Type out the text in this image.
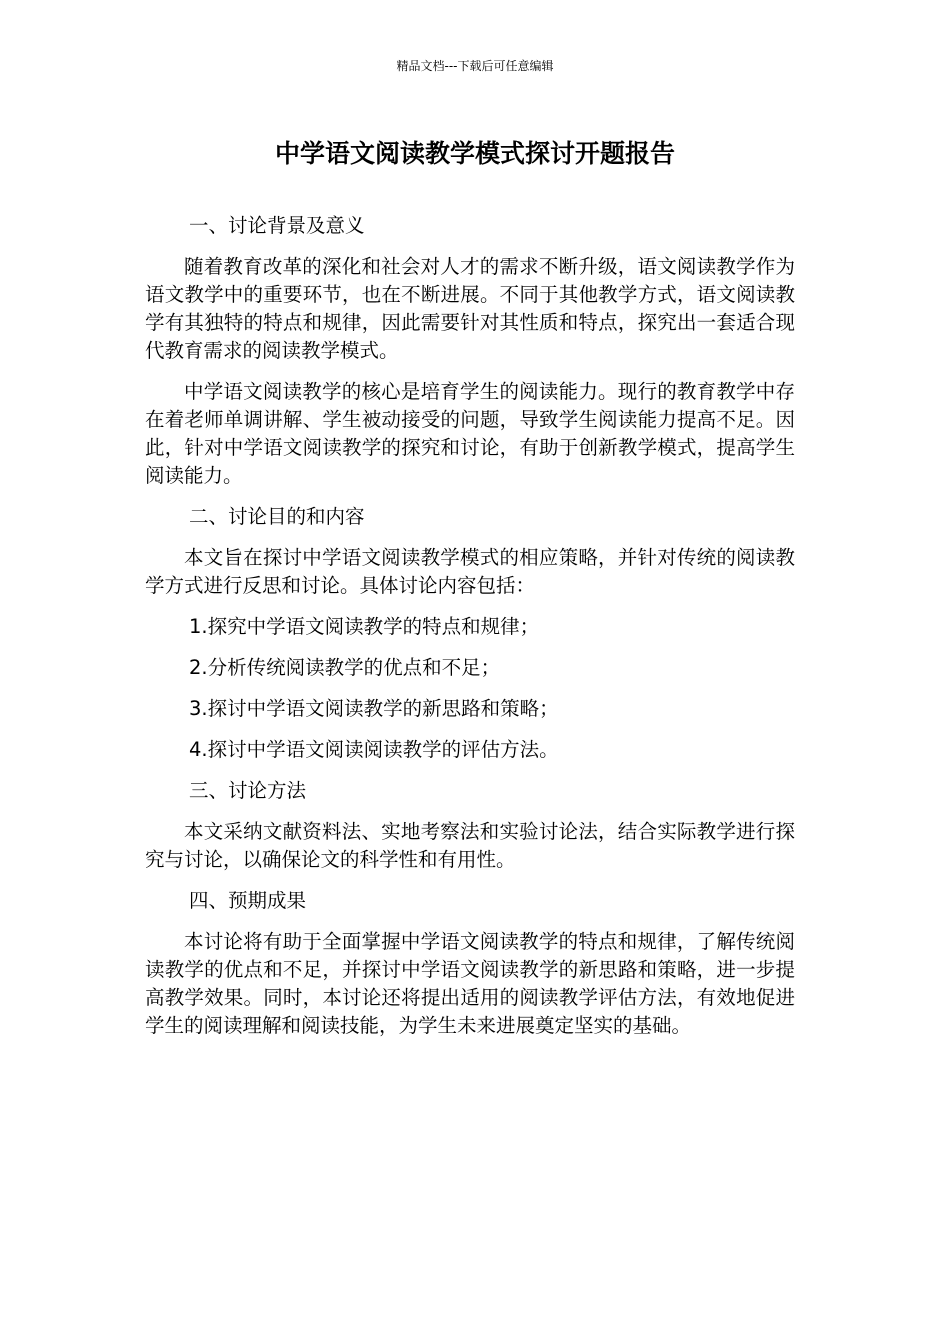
精品文档---下载后可任意编辑
中学语文阅读教学模式探讨开题报告

一、讨论背景及意义

随着教育改革的深化和社会对人才的需求不断升级，语文阅读教学作为语文教学中的重要环节，也在不断进展。不同于其他教学方式，语文阅读教学有其独特的特点和规律，因此需要针对其性质和特点，探究出一套适合现代教育需求的阅读教学模式。

中学语文阅读教学的核心是培育学生的阅读能力。现行的教育教学中存在着老师单调讲解、学生被动接受的问题，导致学生阅读能力提高不足。因此，针对中学语文阅读教学的探究和讨论，有助于创新教学模式，提高学生阅读能力。

二、讨论目的和内容

本文旨在探讨中学语文阅读教学模式的相应策略，并针对传统的阅读教学方式进行反思和讨论。具体讨论内容包括：

1.探究中学语文阅读教学的特点和规律；

2.分析传统阅读教学的优点和不足；

3.探讨中学语文阅读教学的新思路和策略；

4.探讨中学语文阅读阅读教学的评估方法。

三、讨论方法

本文采纳文献资料法、实地考察法和实验讨论法，结合实际教学进行探究与讨论，以确保论文的科学性和有用性。

四、预期成果

本讨论将有助于全面掌握中学语文阅读教学的特点和规律，了解传统阅读教学的优点和不足，并探讨中学语文阅读教学的新思路和策略，进一步提高教学效果。同时，本讨论还将提出适用的阅读教学评估方法，有效地促进学生的阅读理解和阅读技能，为学生未来进展奠定坚实的基础。
